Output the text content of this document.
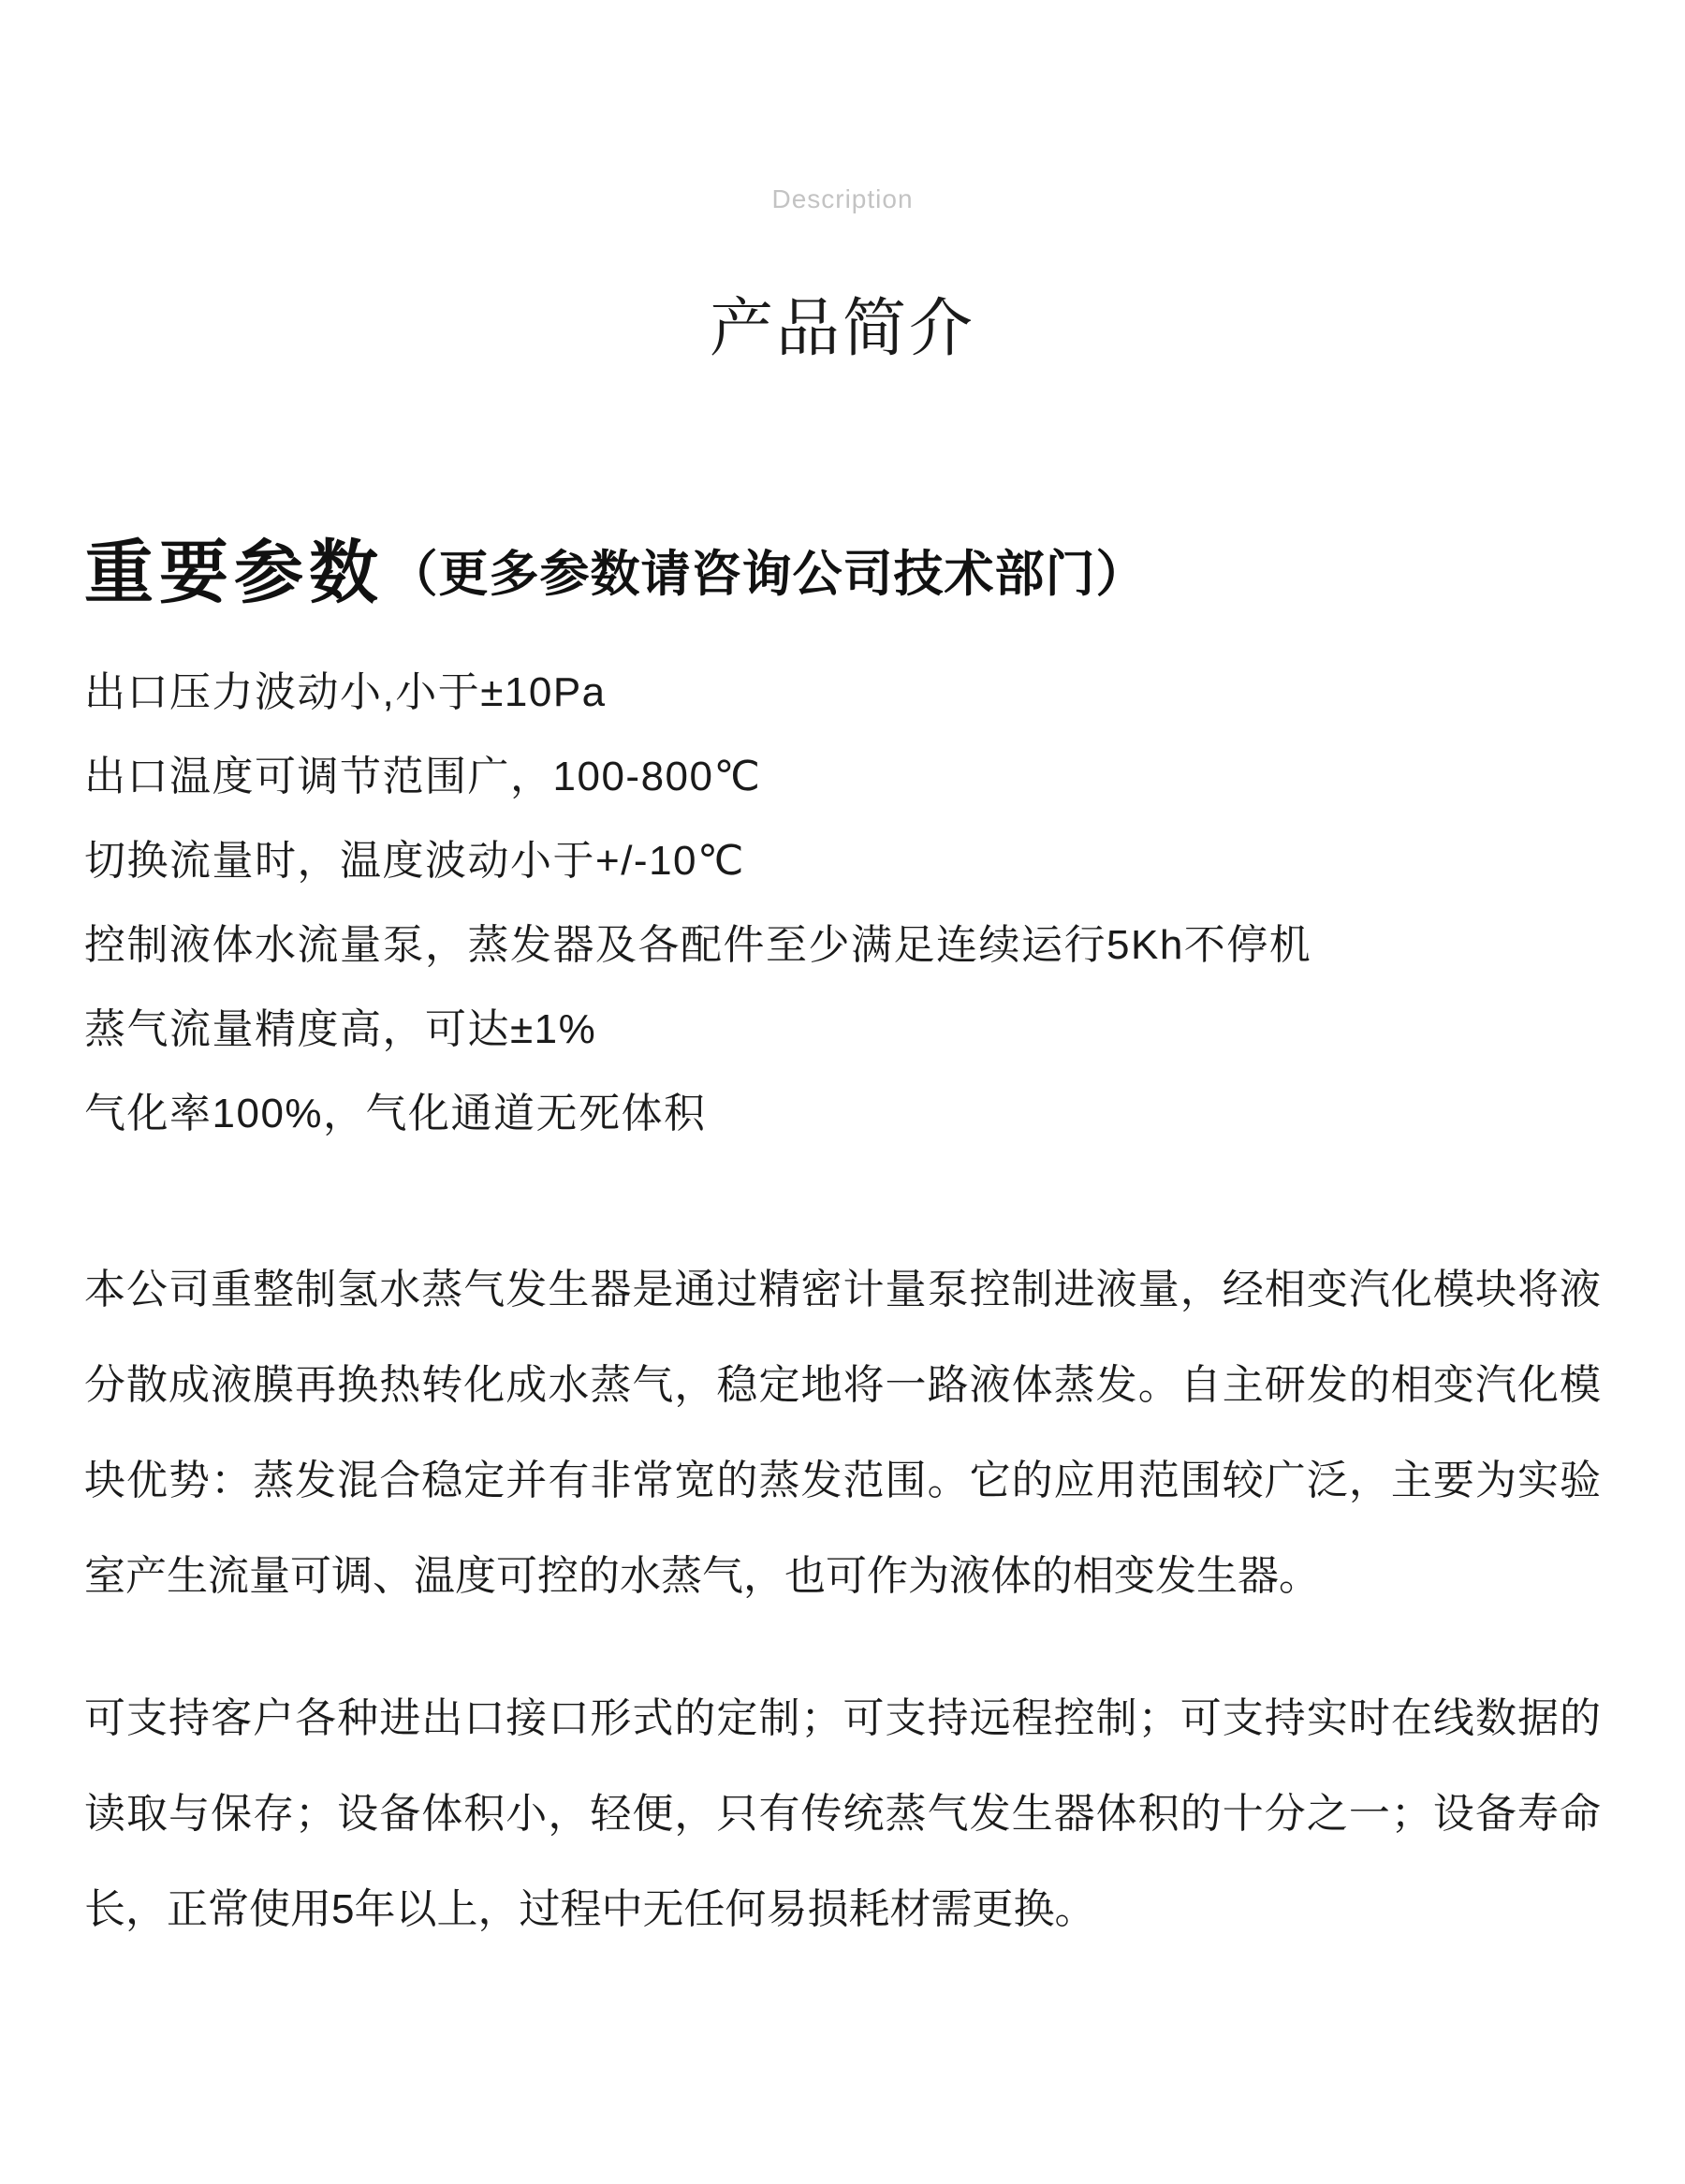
Description
产品简介
重要参数 （更多参数请咨询公司技术部门）
出口压力波动小,小于±10Pa
出口温度可调节范围广，100-800℃
切换流量时，温度波动小于+/-10℃
控制液体水流量泵，蒸发器及各配件至少满足连续运行5Kh不停机
蒸气流量精度高，可达±1%
气化率100%，气化通道无死体积

本公司重整制氢水蒸气发生器是通过精密计量泵控制进液量，经相变汽化模块将液分散成液膜再换热转化成水蒸气，稳定地将一路液体蒸发。自主研发的相变汽化模块优势：蒸发混合稳定并有非常宽的蒸发范围。它的应用范围较广泛，主要为实验室产生流量可调、温度可控的水蒸气，也可作为液体的相变发生器。

可支持客户各种进出口接口形式的定制；可支持远程控制；可支持实时在线数据的读取与保存；设备体积小，轻便，只有传统蒸气发生器体积的十分之一；设备寿命长，正常使用5年以上，过程中无任何易损耗材需更换。
